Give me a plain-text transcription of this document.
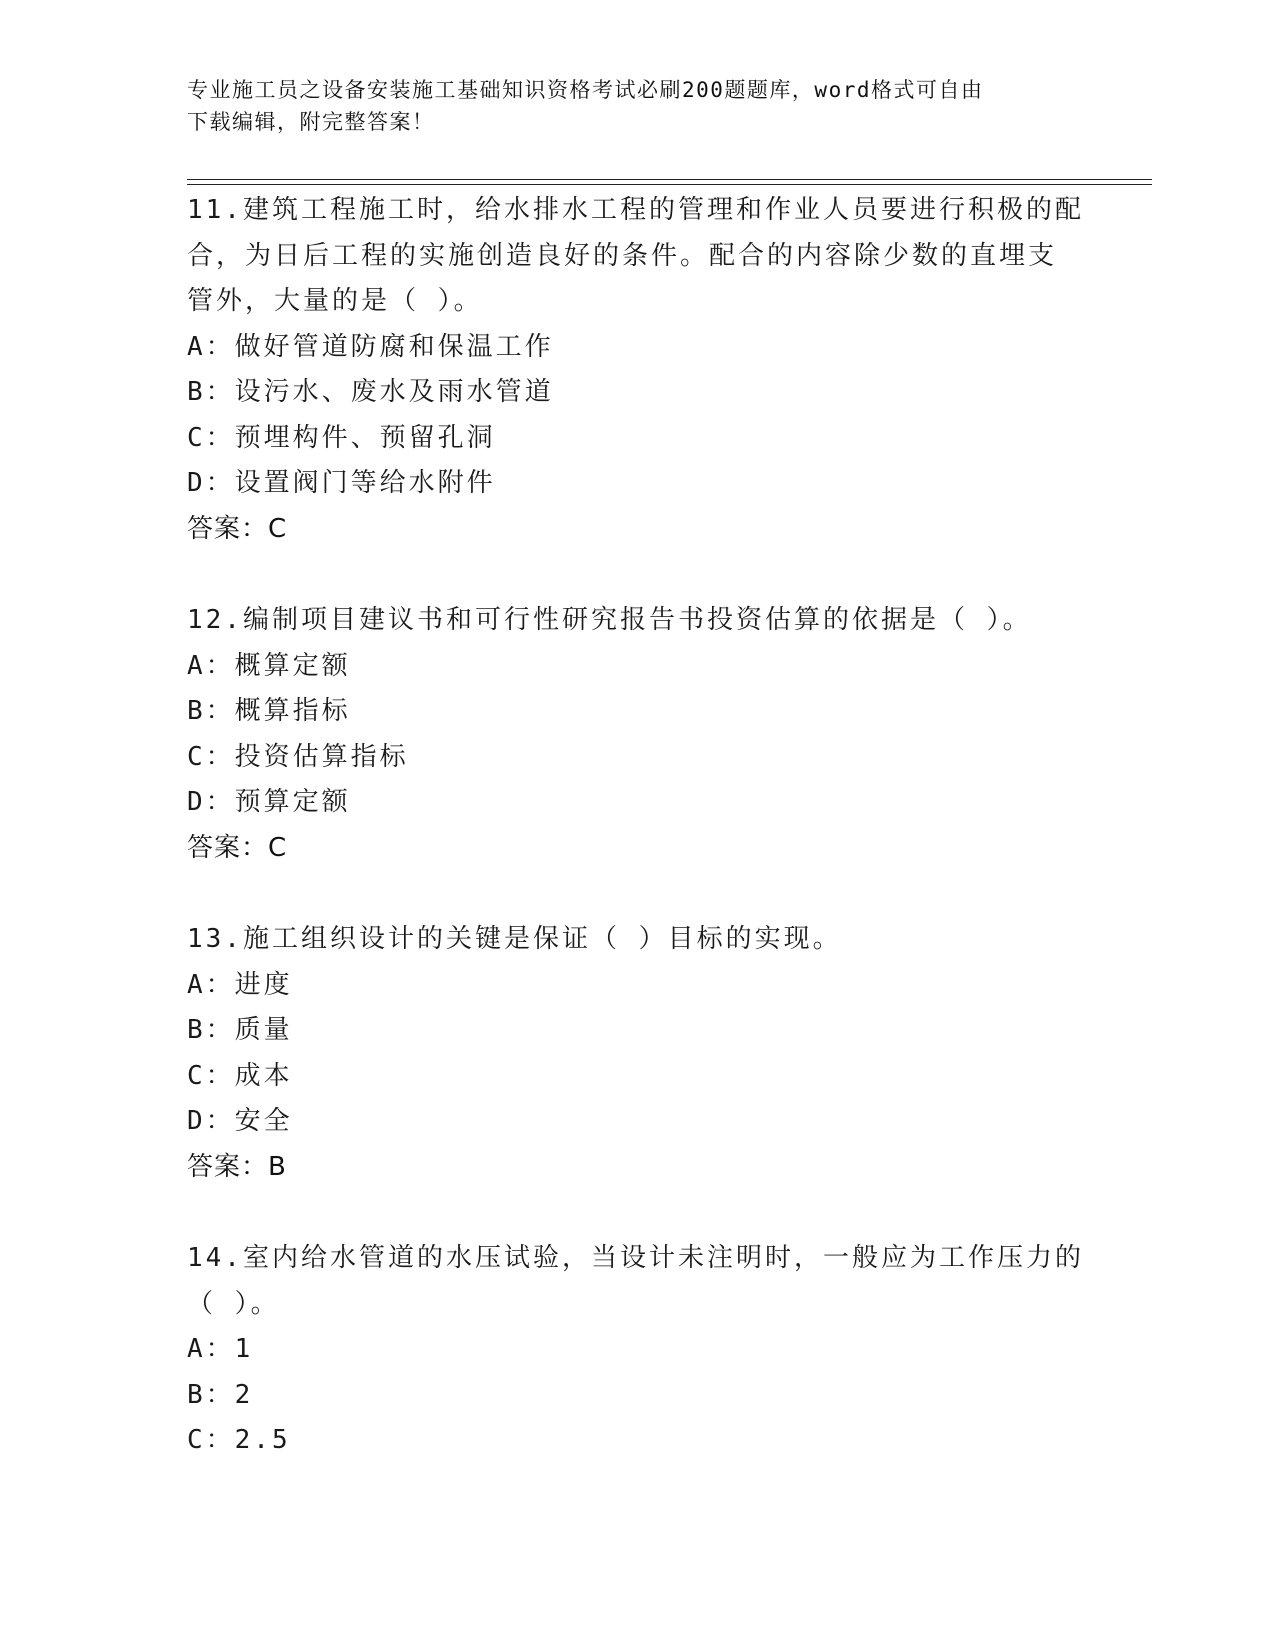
专业施工员之设备安装施工基础知识资格考试必刷200题题库，word格式可自由
下载编辑，附完整答案！
11.建筑工程施工时，给水排水工程的管理和作业人员要进行积极的配
合，为日后工程的实施创造良好的条件。配合的内容除少数的直埋支
管外，大量的是（ ）。
A：做好管道防腐和保温工作
B：设污水、废水及雨水管道
C：预埋构件、预留孔洞
D：设置阀门等给水附件
答案：C
12.编制项目建议书和可行性研究报告书投资估算的依据是（ ）。
A：概算定额
B：概算指标
C：投资估算指标
D：预算定额
答案：C
13.施工组织设计的关键是保证（ ）目标的实现。
A：进度
B：质量
C：成本
D：安全
答案：B
14.室内给水管道的水压试验，当设计未注明时，一般应为工作压力的
（ ）。
A：1
B：2
C：2.5
